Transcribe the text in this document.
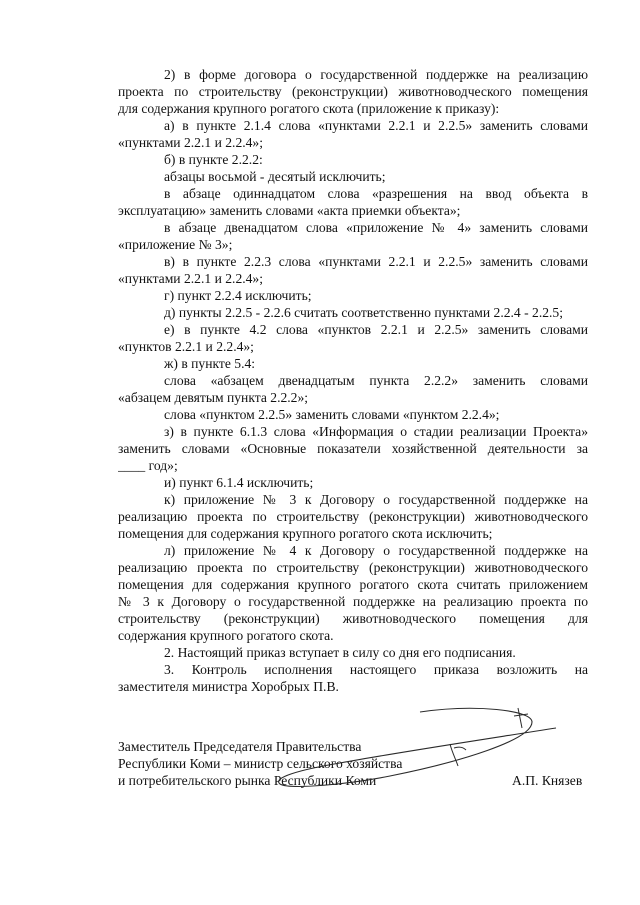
2) в форме договора о государственной поддержке на реализацию
проекта по строительству (реконструкции) животноводческого помещения
для содержания крупного рогатого скота (приложение к приказу):
а) в пункте 2.1.4 слова «пунктами 2.2.1 и 2.2.5» заменить словами
«пунктами 2.2.1 и 2.2.4»;
б) в пункте 2.2.2:
абзацы восьмой - десятый исключить;
в абзаце одиннадцатом слова «разрешения на ввод объекта в
эксплуатацию» заменить словами «акта приемки объекта»;
в абзаце двенадцатом слова «приложение № 4» заменить словами
«приложение № 3»;
в) в пункте 2.2.3 слова «пунктами 2.2.1 и 2.2.5» заменить словами
«пунктами 2.2.1 и 2.2.4»;
г) пункт 2.2.4 исключить;
д) пункты 2.2.5 - 2.2.6 считать соответственно пунктами 2.2.4 - 2.2.5;
е) в пункте 4.2 слова «пунктов 2.2.1 и 2.2.5» заменить словами
«пунктов 2.2.1 и 2.2.4»;
ж) в пункте 5.4:
слова «абзацем двенадцатым пункта 2.2.2» заменить словами
«абзацем девятым пункта 2.2.2»;
слова «пунктом 2.2.5» заменить словами «пунктом 2.2.4»;
з) в пункте 6.1.3 слова «Информация о стадии реализации Проекта»
заменить словами «Основные показатели хозяйственной деятельности за
____ год»;
и) пункт 6.1.4 исключить;
к) приложение № 3 к Договору о государственной поддержке на
реализацию проекта по строительству (реконструкции) животноводческого
помещения для содержания крупного рогатого скота исключить;
л) приложение № 4 к Договору о государственной поддержке на
реализацию проекта по строительству (реконструкции) животноводческого
помещения для содержания крупного рогатого скота считать приложением
№ 3 к Договору о государственной поддержке на реализацию проекта по
строительству (реконструкции) животноводческого помещения для
содержания крупного рогатого скота.
2. Настоящий приказ вступает в силу со дня его подписания.
3. Контроль исполнения настоящего приказа возложить на
заместителя министра Хоробрых П.В.
Заместитель Председателя Правительства
Республики Коми – министр сельского хозяйства
и потребительского рынка Республики Коми	А.П. Князев
